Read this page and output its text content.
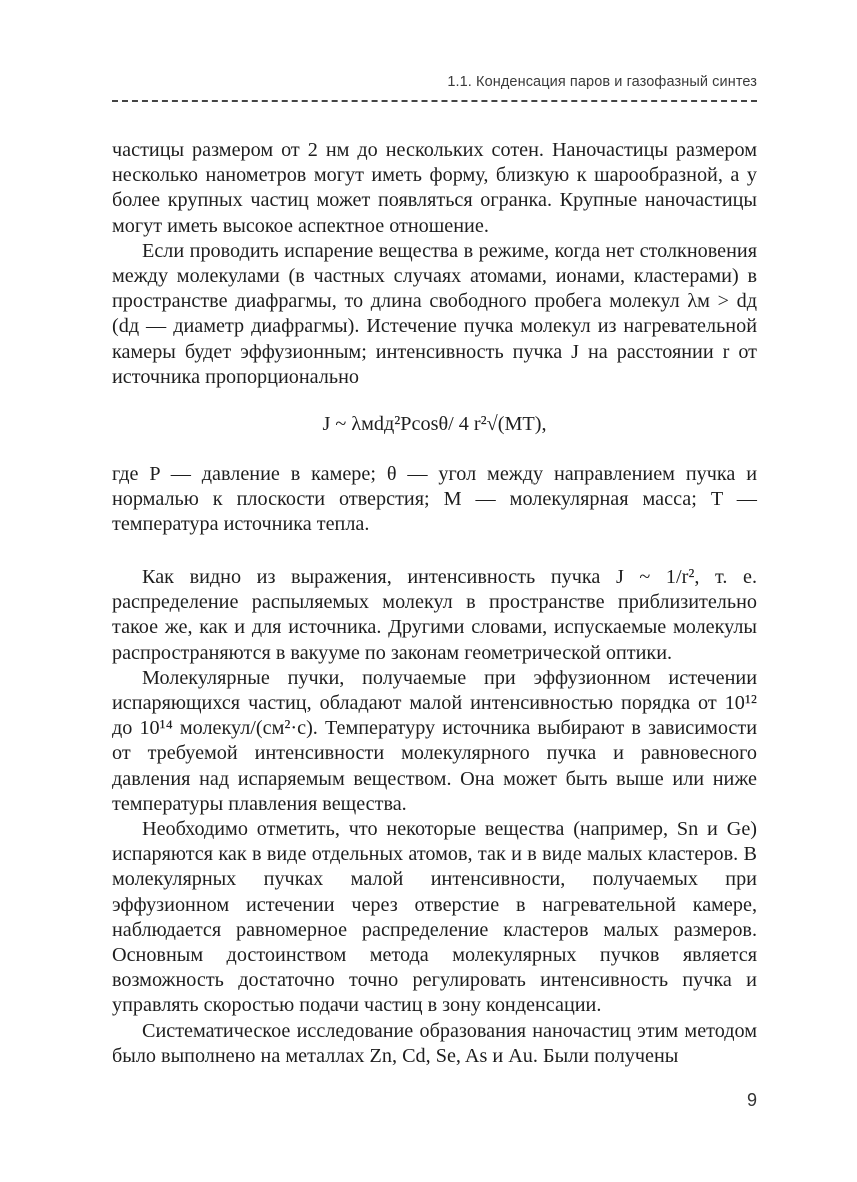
1.1. Конденсация паров и газофазный синтез

частицы размером от 2 нм до нескольких сотен. Наночастицы размером несколько нанометров могут иметь форму, близкую к шарообразной, а у более крупных частиц может появляться огранка. Крупные наночастицы могут иметь высокое аспектное отношение.

Если проводить испарение вещества в режиме, когда нет столкновения между молекулами (в частных случаях атомами, ионами, кластерами) в пространстве диафрагмы, то длина свободного пробега молекул λм > dд (dд — диаметр диафрагмы). Истечение пучка молекул из нагревательной камеры будет эффузионным; интенсивность пучка J на расстоянии r от источника пропорционально

J ~ λмdд²Pcosθ/ 4 r²√(MT),

где P — давление в камере; θ — угол между направлением пучка и нормалью к плоскости отверстия; M — молекулярная масса; T — температура источника тепла.

Как видно из выражения, интенсивность пучка J ~ 1/r², т. е. распределение распыляемых молекул в пространстве приблизительно такое же, как и для источника. Другими словами, испускаемые молекулы распространяются в вакууме по законам геометрической оптики.

Молекулярные пучки, получаемые при эффузионном истечении испаряющихся частиц, обладают малой интенсивностью порядка от 10¹² до 10¹⁴ молекул/(см²·с). Температуру источника выбирают в зависимости от требуемой интенсивности молекулярного пучка и равновесного давления над испаряемым веществом. Она может быть выше или ниже температуры плавления вещества.

Необходимо отметить, что некоторые вещества (например, Sn и Ge) испаряются как в виде отдельных атомов, так и в виде малых кластеров. В молекулярных пучках малой интенсивности, получаемых при эффузионном истечении через отверстие в нагревательной камере, наблюдается равномерное распределение кластеров малых размеров. Основным достоинством метода молекулярных пучков является возможность достаточно точно регулировать интенсивность пучка и управлять скоростью подачи частиц в зону конденсации.

Систематическое исследование образования наночастиц этим методом было выполнено на металлах Zn, Cd, Se, As и Au. Были получены

9
